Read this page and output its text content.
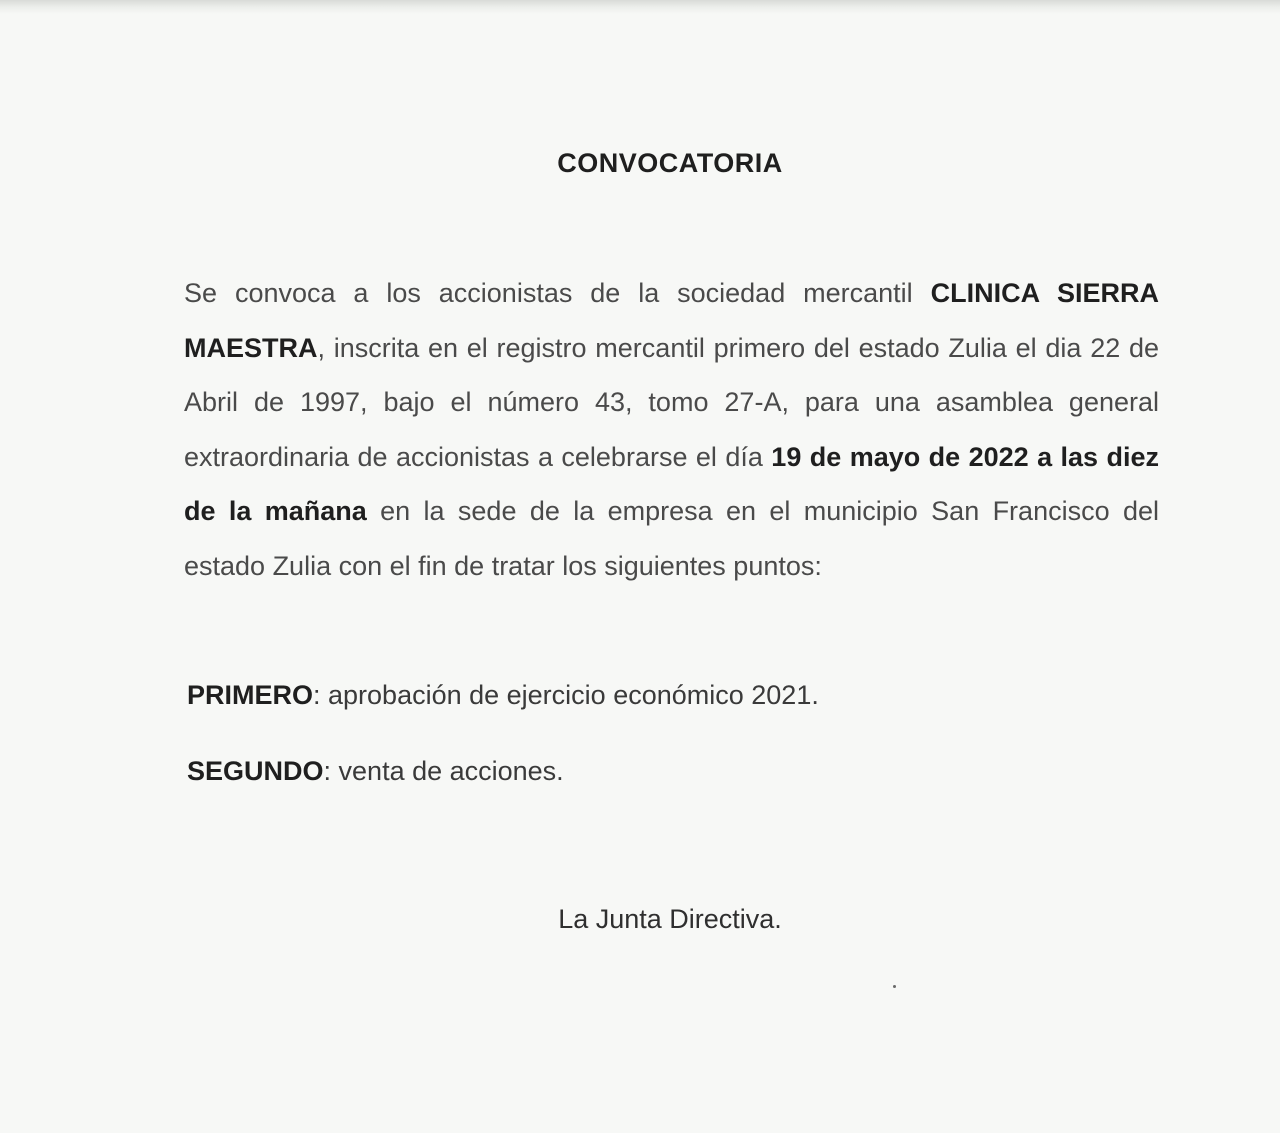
CONVOCATORIA
Se convoca a los accionistas de la sociedad mercantil CLINICA SIERRA MAESTRA, inscrita en el registro mercantil primero del estado Zulia el dia 22 de Abril de 1997, bajo el número 43, tomo 27-A, para una asamblea general extraordinaria de accionistas a celebrarse el día 19 de mayo de 2022 a las diez de la mañana en la sede de la empresa en el municipio San Francisco del estado Zulia con el fin de tratar los siguientes puntos:
PRIMERO: aprobación de ejercicio económico 2021.
SEGUNDO: venta de acciones.
La Junta Directiva.
